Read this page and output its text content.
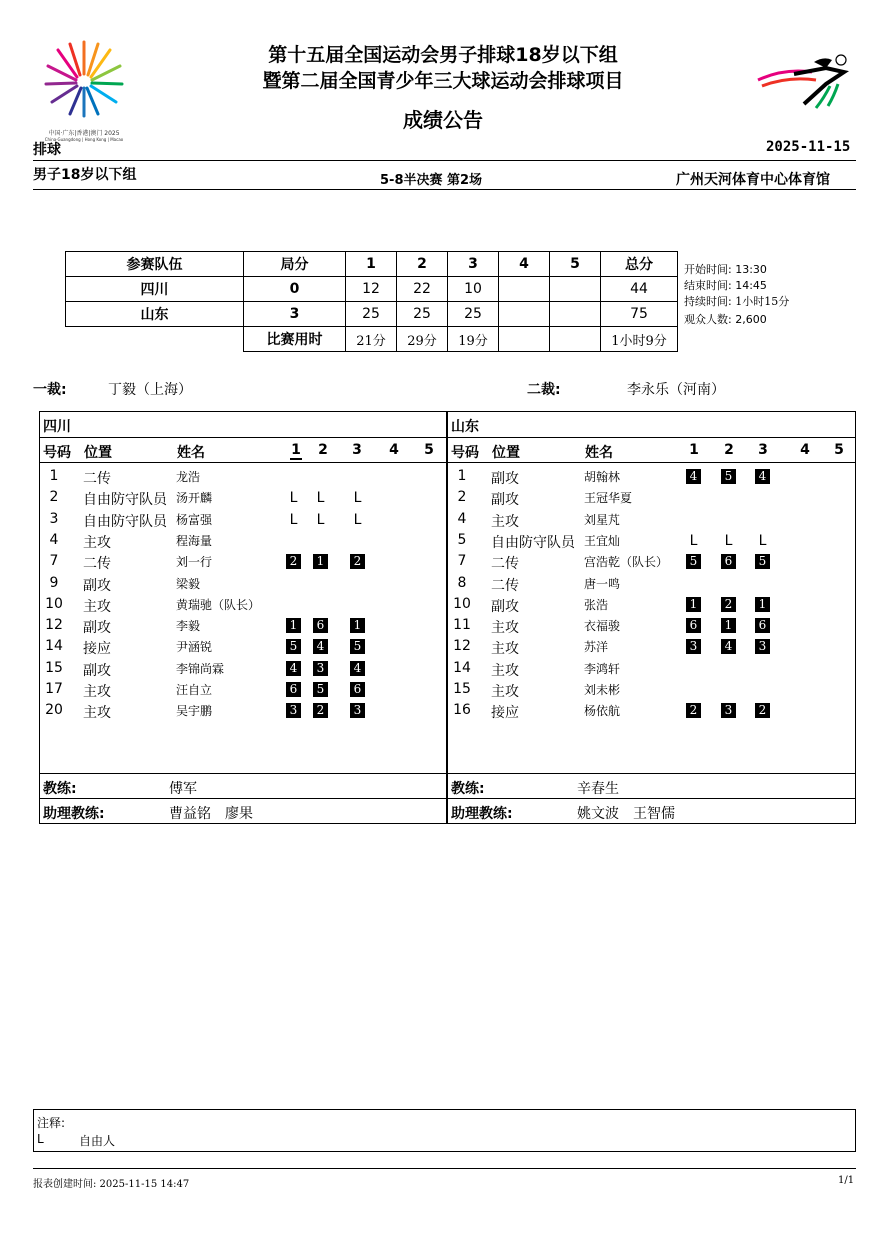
中国·广东|香港|澳门 2025
China·Guangdong | Hong Kong | Macao
第十五届全国运动会男子排球18岁以下组
暨第二届全国青少年三大球运动会排球项目
成绩公告
排球	2025-11-15
男子18岁以下组	5-8半决赛 第2场	广州天河体育中心体育馆
参赛队伍	局分	1	2	3	4	5	总分
四川	0	12	22	10			44
山东	3	25	25	25			75
	比赛用时	21分	29分	19分			1小时9分
开始时间: 13:30
结束时间: 14:45
持续时间: 1小时15分
观众人数: 2,600
一裁:	丁毅（上海）	二裁:	李永乐（河南）
四川
号码 位置	姓名	1 2 3 4 5
1	二传	龙浩
2	自由防守队员 汤开麟	L L L
3	自由防守队员 杨富强	L L L
4	主攻	程海量
7	二传	刘一行	2	1	2
9	副攻	梁毅
10	主攻	黄瑞驰（队长）
12	副攻	李毅	1	6	1
14	接应	尹涵锐	5	4	5
15	副攻	李锦尚霖	4	3	4
17	主攻	汪自立	6	5	6
20	主攻	吴宇鹏	3	2	3
教练:	傅军
助理教练:	曹益铭　廖果
山东
号码 位置	姓名	1 2 3 4 5
1	副攻	胡翰林	4	5	4
2	副攻	王冠华夏
4	主攻	刘星芃
5	自由防守队员 王宜灿	L L L
7	二传	宫浩乾（队长）	5	6	5
8	二传	唐一鸣
10	副攻	张浩	1	2	1
11	主攻	衣福骏	6	1	6
12	主攻	苏洋	3	4	3
14	主攻	李鸿轩
15	主攻	刘未彬
16	接应	杨依航	2	3	2
教练:	辛春生
助理教练:	姚文波　王智儒
注释:
L	自由人
报表创建时间: 2025-11-15 14:47	1/1
